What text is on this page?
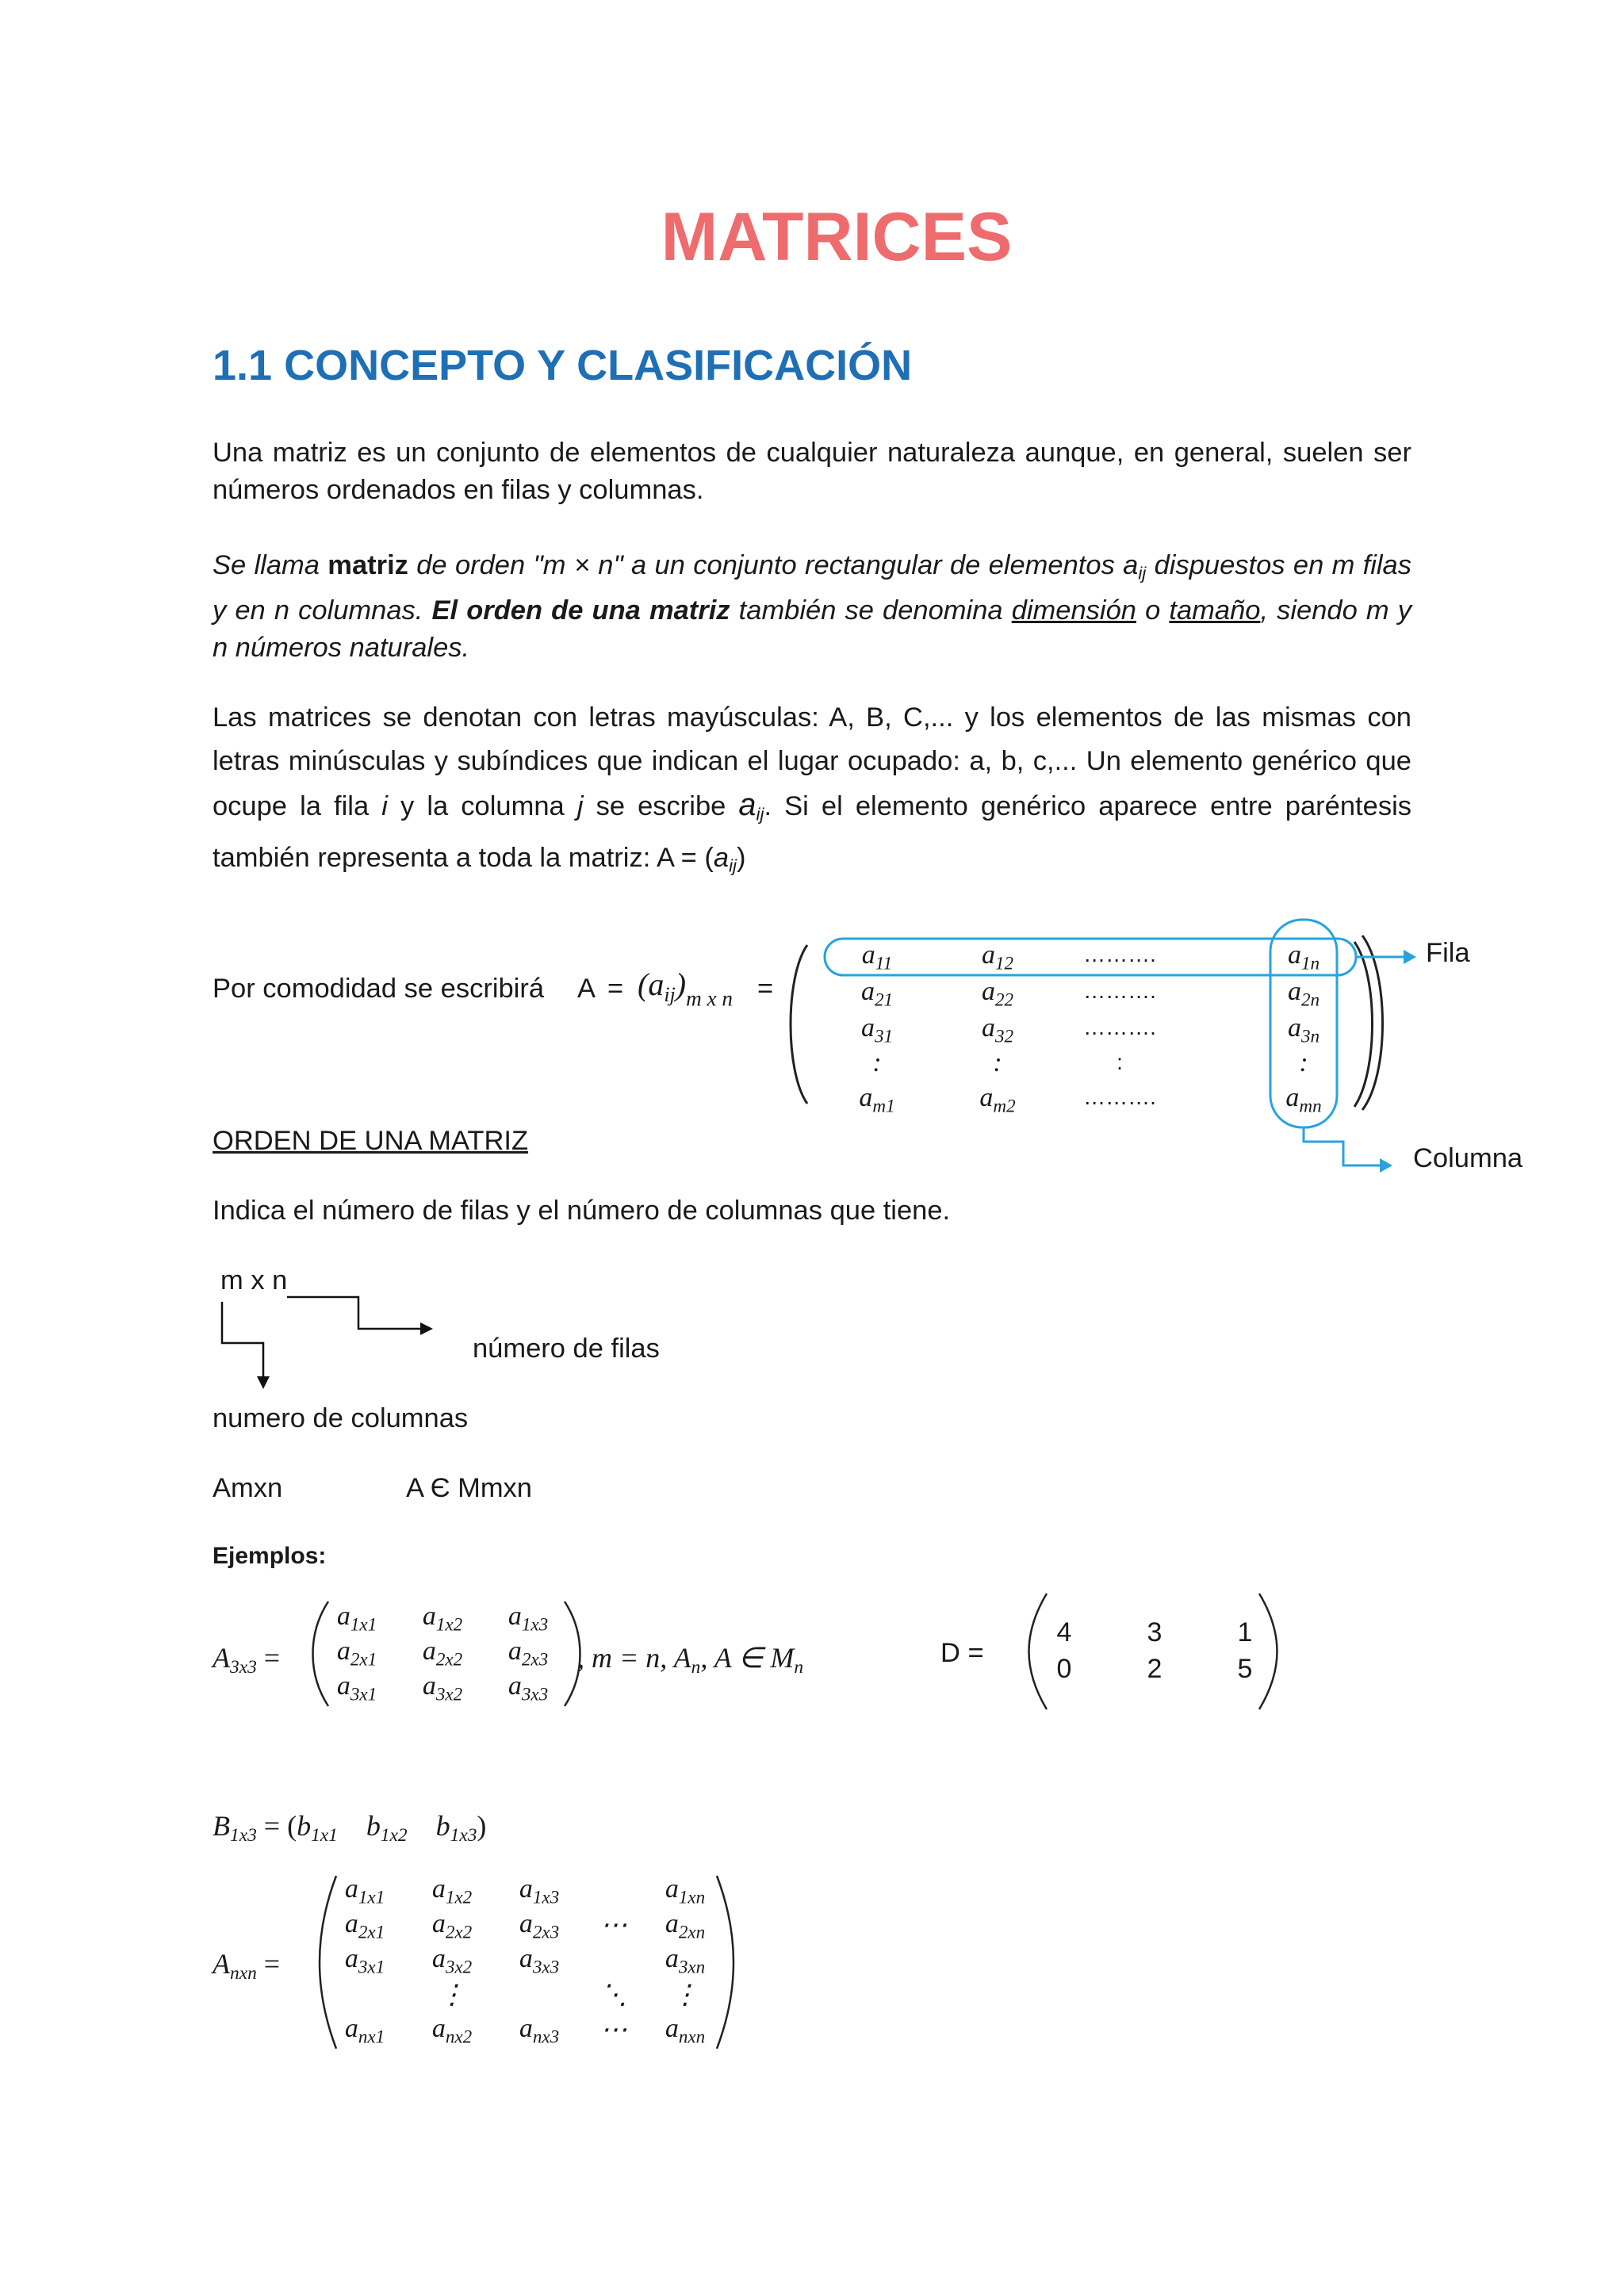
MATRICES
1.1 CONCEPTO Y CLASIFICACIÓN
Una matriz es un conjunto de elementos de cualquier naturaleza aunque, en general, suelen ser números ordenados en filas y columnas.
Se llama matriz de orden "m × n" a un conjunto rectangular de elementos $a_{ij}$ dispuestos en m filas y en n columnas. El orden de una matriz también se denomina dimensión o tamaño, siendo m y n números naturales.
Las matrices se denotan con letras mayúsculas: A, B, C,... y los elementos de las mismas con letras minúsculas y subíndices que indican el lugar ocupado: a, b, c,... Un elemento genérico que ocupe la fila i y la columna j se escribe $a_{ij}$. Si el elemento genérico aparece entre paréntesis también representa a toda la matriz: $A = (a_{ij})$
Por comodidad se escribirá $A = (a_{ij})_{m x n}$ =
$a_{11}$	$a_{12}$	……….	$a_{1n}$
$a_{21}$	$a_{22}$	……….	$a_{2n}$
$a_{31}$	$a_{32}$	……….	$a_{3n}$
:	:	:	:
$a_{m1}$	$a_{m2}$	……….	$a_{mn}$
Fila
Columna
ORDEN DE UNA MATRIZ
Indica el número de filas y el número de columnas que tiene.
m x n
número de filas
numero de columnas
Amxn	A Є Mmxn
Ejemplos:
$A_{3x3}$ =
$a_{1x1}$ $a_{1x2}$ $a_{1x3}$
$a_{2x1}$ $a_{2x2}$ $a_{2x3}$
$a_{3x1}$ $a_{3x2}$ $a_{3x3}$
, m = n, $A_n$, A ∈ $M_n$	D =
4	3	1
0	2	5
$B_{1x3} = (b_{1x1}$ $b_{1x2}$ $b_{1x3}$)
$A_{nxn}$ =
$a_{1x1}$ $a_{1x2}$ $a_{1x3}$	$a_{1xn}$
$a_{2x1}$ $a_{2x2}$ $a_{2x3}$ ⋯ $a_{2xn}$
$a_{3x1}$ $a_{3x2}$ $a_{3x3}$	$a_{3xn}$
⋮	⋱ ⋮
$a_{nx1}$ $a_{nx2}$ $a_{nx3}$ ⋯ $a_{nxn}$
